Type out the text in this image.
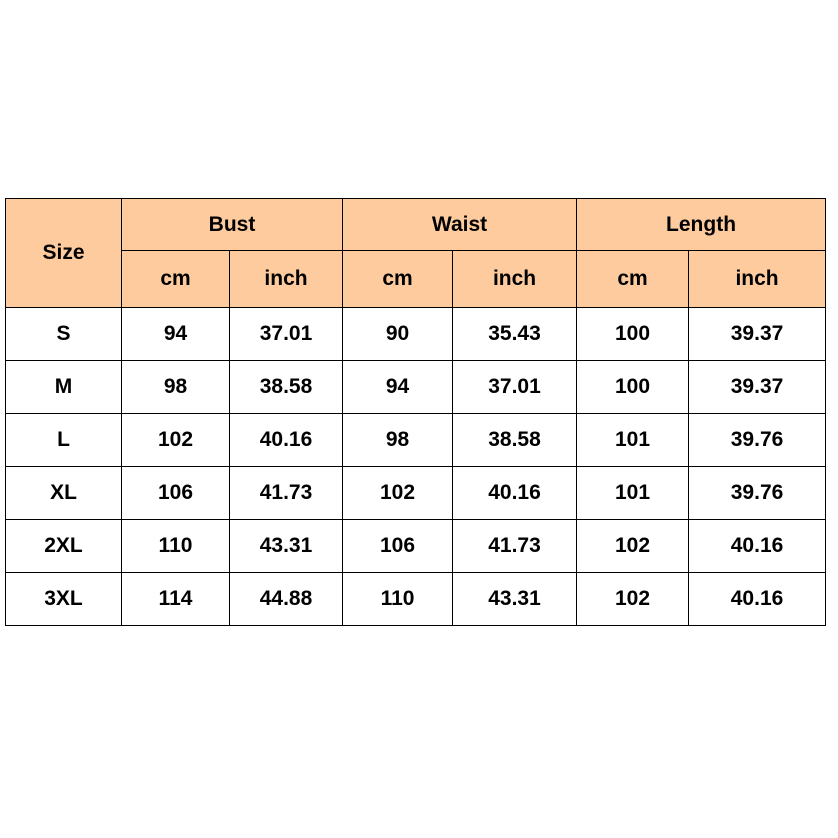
Size	Bust		Waist		Length	
	cm	inch	cm	inch	cm	inch
S	94	37.01	90	35.43	100	39.37
M	98	38.58	94	37.01	100	39.37
L	102	40.16	98	38.58	101	39.76
XL	106	41.73	102	40.16	101	39.76
2XL	110	43.31	106	41.73	102	40.16
3XL	114	44.88	110	43.31	102	40.16
